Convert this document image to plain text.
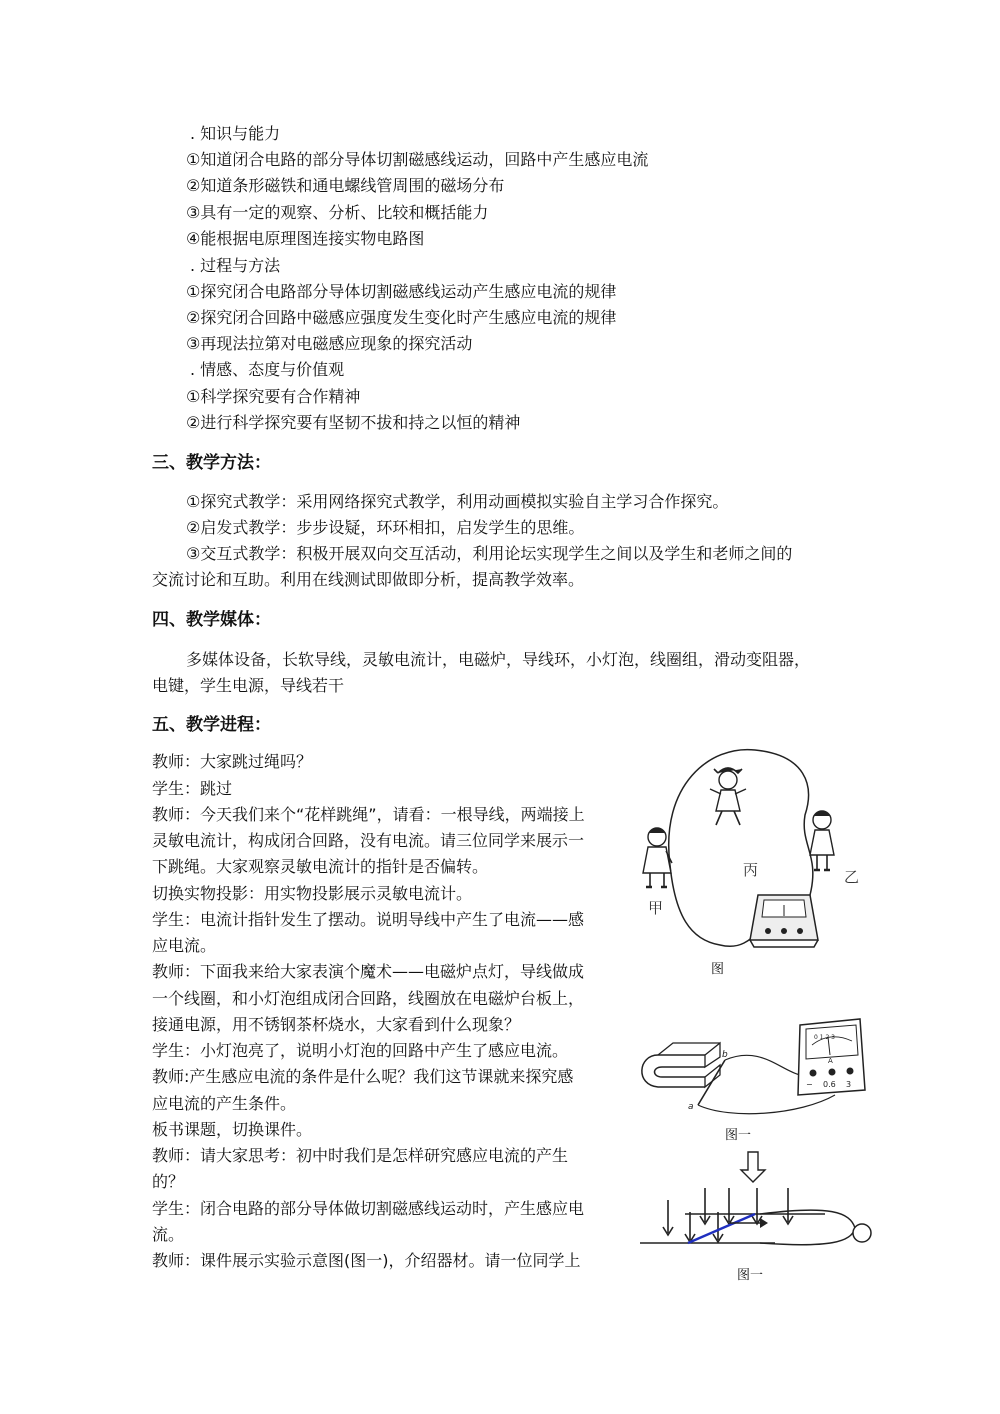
. 知识与能力
①知道闭合电路的部分导体切割磁感线运动，回路中产生感应电流
②知道条形磁铁和通电螺线管周围的磁场分布
③具有一定的观察、分析、比较和概括能力
④能根据电原理图连接实物电路图
. 过程与方法
①探究闭合电路部分导体切割磁感线运动产生感应电流的规律
②探究闭合回路中磁感应强度发生变化时产生感应电流的规律
③再现法拉第对电磁感应现象的探究活动
. 情感、态度与价值观
①科学探究要有合作精神
②进行科学探究要有坚韧不拔和持之以恒的精神
三、教学方法：
①探究式教学：采用网络探究式教学，利用动画模拟实验自主学习合作探究。
②启发式教学：步步设疑，环环相扣，启发学生的思维。
③交互式教学：积极开展双向交互活动，利用论坛实现学生之间以及学生和老师之间的
交流讨论和互助。利用在线测试即做即分析，提高教学效率。
四、教学媒体：
多媒体设备，长软导线，灵敏电流计，电磁炉，导线环，小灯泡，线圈组，滑动变阻器，
电键，学生电源，导线若干
五、教学进程：
教师：大家跳过绳吗？
学生：跳过
教师：今天我们来个“花样跳绳”，请看：一根导线，两端接上
灵敏电流计，构成闭合回路，没有电流。请三位同学来展示一
下跳绳。大家观察灵敏电流计的指针是否偏转。
切换实物投影：用实物投影展示灵敏电流计。
学生：电流计指针发生了摆动。说明导线中产生了电流——感
应电流。
教师：下面我来给大家表演个魔术——电磁炉点灯，导线做成
一个线圈，和小灯泡组成闭合回路，线圈放在电磁炉台板上，
接通电源，用不锈钢茶杯烧水，大家看到什么现象？
学生：小灯泡亮了，说明小灯泡的回路中产生了感应电流。
教师:产生感应电流的条件是什么呢？我们这节课就来探究感
应电流的产生条件。
板书课题，切换课件。
教师：请大家思考：初中时我们是怎样研究感应电流的产生
的？
学生：闭合电路的部分导体做切割磁感线运动时，产生感应电
流。
教师：课件展示实验示意图(图一)，介绍器材。请一位同学上
甲
丙	乙
图
a
b
0 1 2 3
A
− 0.6 3
图一
图一
